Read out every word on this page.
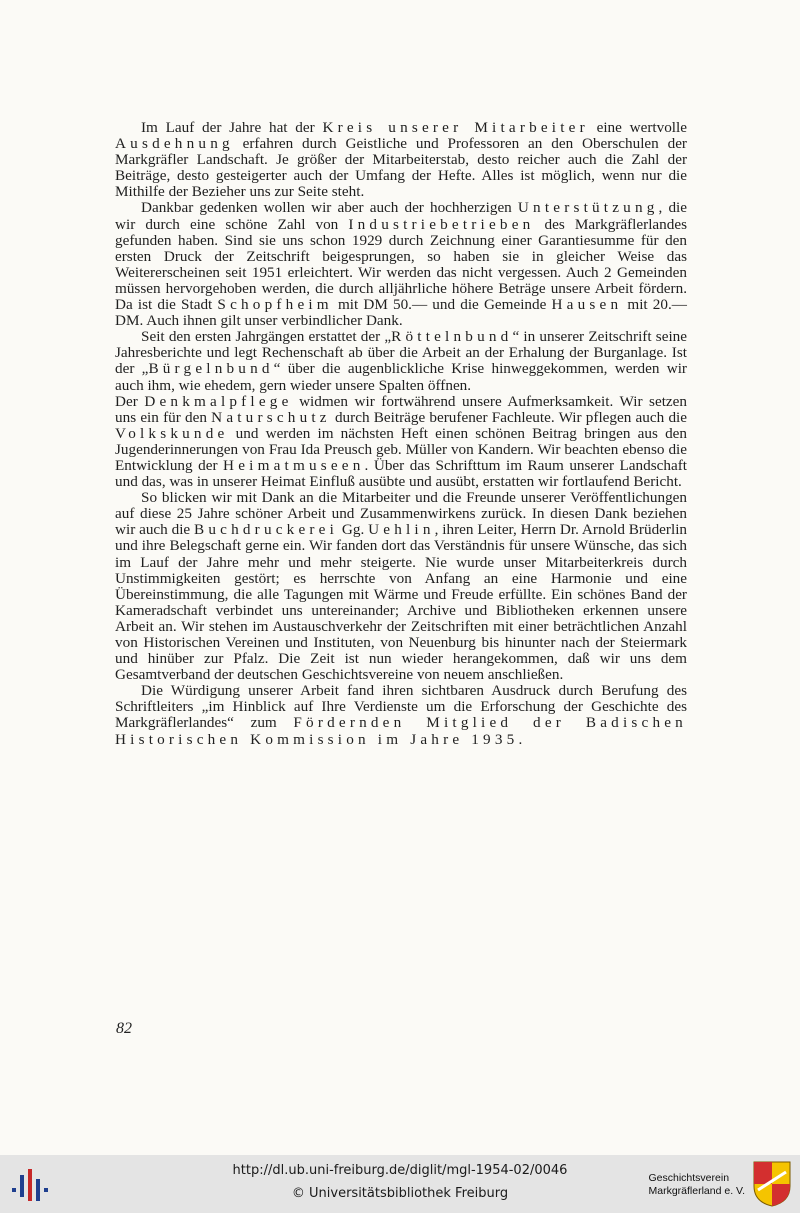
Im Lauf der Jahre hat der Kreis unserer Mitarbeiter eine wertvolle Ausdehnung erfahren durch Geistliche und Professoren an den Oberschulen der Markgräfler Landschaft. Je größer der Mitarbeiterstab, desto reicher auch die Zahl der Beiträge, desto gesteigerter auch der Umfang der Hefte. Alles ist möglich, wenn nur die Mithilfe der Bezieher uns zur Seite steht.

Dankbar gedenken wollen wir aber auch der hochherzigen Unterstützung, die wir durch eine schöne Zahl von Industriebetrieben des Markgräflerlandes gefunden haben. Sind sie uns schon 1929 durch Zeichnung einer Garantiesumme für den ersten Druck der Zeitschrift beigesprungen, so haben sie in gleicher Weise das Weitererscheinen seit 1951 erleichtert. Wir werden das nicht vergessen. Auch 2 Gemeinden müssen hervorgehoben werden, die durch alljährliche höhere Beträge unsere Arbeit fördern. Da ist die Stadt Schopfheim mit DM 50.— und die Gemeinde Hausen mit 20.— DM. Auch ihnen gilt unser verbindlicher Dank.

Seit den ersten Jahrgängen erstattet der „Röttelnbund“ in unserer Zeitschrift seine Jahresberichte und legt Rechenschaft ab über die Arbeit an der Erhalung der Burganlage. Ist der „Bürgelnbund“ über die augenblickliche Krise hinweggekommen, werden wir auch ihm, wie ehedem, gern wieder unsere Spalten öffnen.

Der Denkmalpflege widmen wir fortwährend unsere Aufmerksamkeit. Wir setzen uns ein für den Naturschutz durch Beiträge berufener Fachleute. Wir pflegen auch die Volkskunde und werden im nächsten Heft einen schönen Beitrag bringen aus den Jugenderinnerungen von Frau Ida Preusch geb. Müller von Kandern. Wir beachten ebenso die Entwicklung der Heimatmuseen. Über das Schrifttum im Raum unserer Landschaft und das, was in unserer Heimat Einfluß ausübte und ausübt, erstatten wir fortlaufend Bericht.

So blicken wir mit Dank an die Mitarbeiter und die Freunde unserer Veröffentlichungen auf diese 25 Jahre schöner Arbeit und Zusammenwirkens zurück. In diesen Dank beziehen wir auch die Buchdruckerei Gg. Uehlin, ihren Leiter, Herrn Dr. Arnold Brüderlin und ihre Belegschaft gerne ein. Wir fanden dort das Verständnis für unsere Wünsche, das sich im Lauf der Jahre mehr und mehr steigerte. Nie wurde unser Mitarbeiterkreis durch Unstimmigkeiten gestört; es herrschte von Anfang an eine Harmonie und eine Übereinstimmung, die alle Tagungen mit Wärme und Freude erfüllte. Ein schönes Band der Kameradschaft verbindet uns untereinander; Archive und Bibliotheken erkennen unsere Arbeit an. Wir stehen im Austauschverkehr der Zeitschriften mit einer beträchtlichen Anzahl von Historischen Vereinen und Instituten, von Neuenburg bis hinunter nach der Steiermark und hinüber zur Pfalz. Die Zeit ist nun wieder herangekommen, daß wir uns dem Gesamtverband der deutschen Geschichtsvereine von neuem anschließen.

Die Würdigung unserer Arbeit fand ihren sichtbaren Ausdruck durch Berufung des Schriftleiters „im Hinblick auf Ihre Verdienste um die Erforschung der Geschichte des Markgräflerlandes“ zum Fördernden Mitglied der Badischen Historischen Kommission im Jahre 1935.

82
http://dl.ub.uni-freiburg.de/diglit/mgl-1954-02/0046
© Universitätsbibliothek Freiburg
Geschichtsverein
Markgräflerland e. V.
